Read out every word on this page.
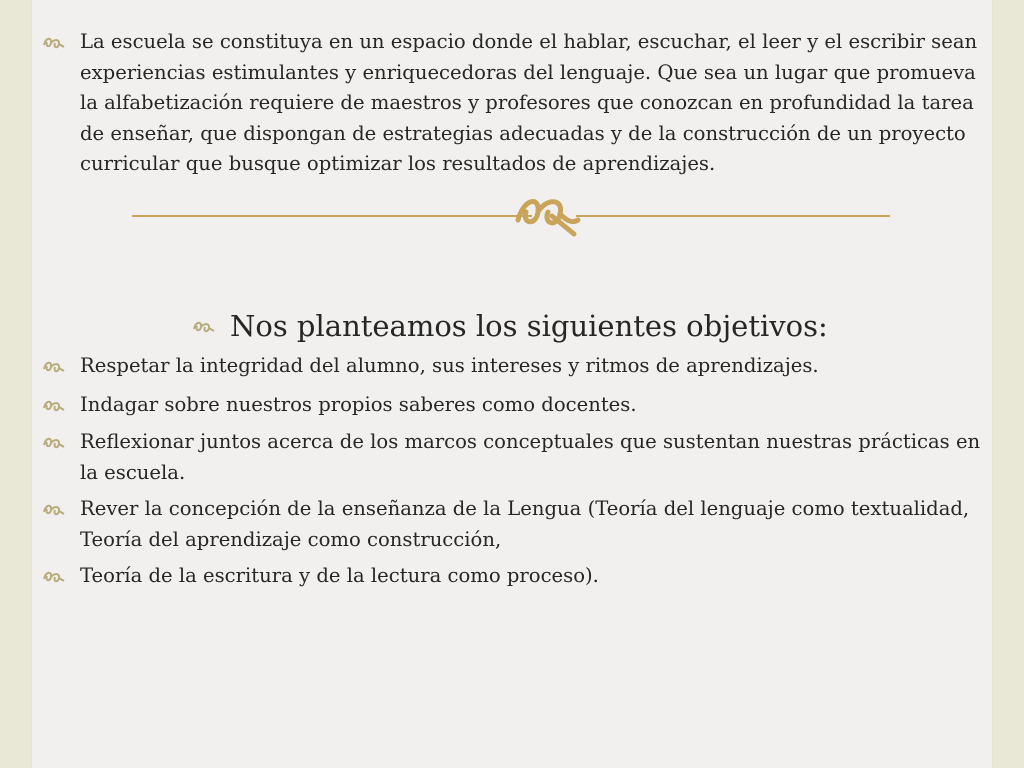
La escuela se constituya en un espacio donde el hablar, escuchar, el leer y el escribir sean experiencias estimulantes y enriquecedoras del lenguaje. Que sea un lugar que promueva la alfabetización requiere de maestros y profesores que conozcan en profundidad la tarea de enseñar, que dispongan de estrategias adecuadas y de la construcción de un proyecto curricular que busque optimizar los resultados de aprendizajes.
Nos planteamos los siguientes objetivos:
Respetar la integridad del alumno, sus intereses y ritmos de aprendizajes.
Indagar sobre nuestros propios saberes como docentes.
Reflexionar juntos acerca de los marcos conceptuales que sustentan nuestras prácticas en la escuela.
Rever la concepción de la enseñanza de la Lengua (Teoría del lenguaje como textualidad, Teoría del aprendizaje como construcción,
Teoría de la escritura y de la lectura como proceso).
